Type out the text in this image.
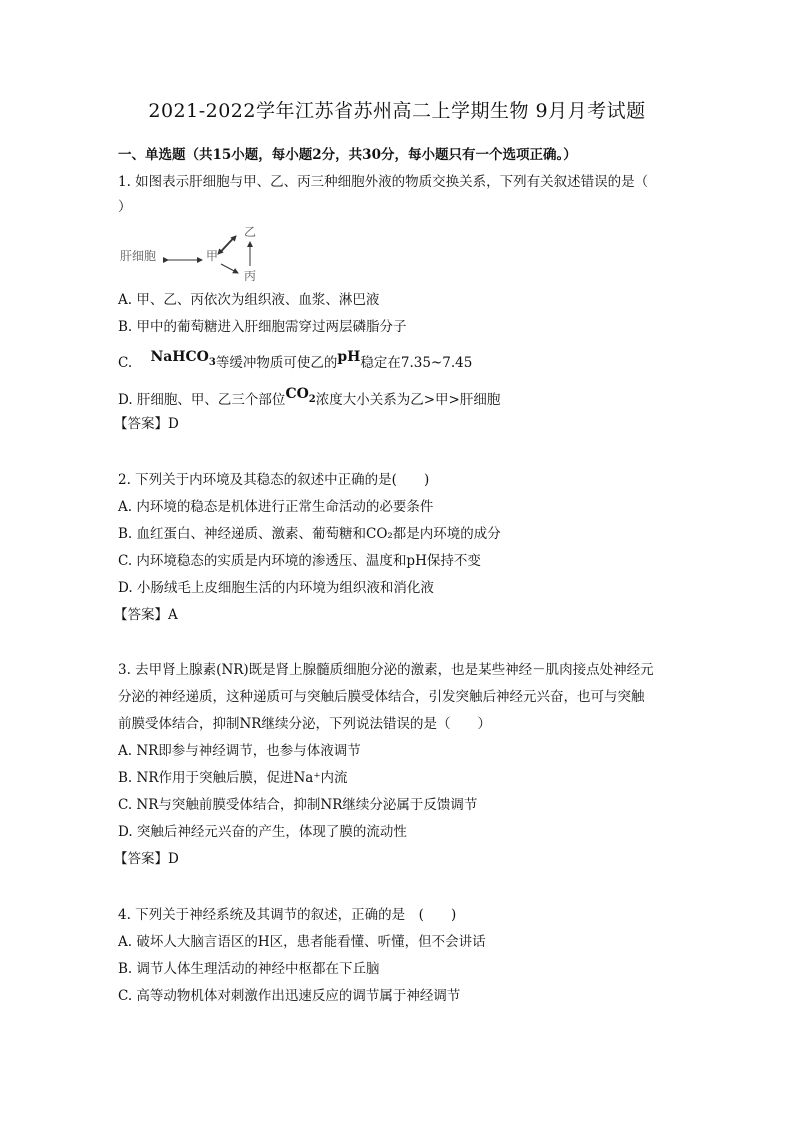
2021-2022学年江苏省苏州高二上学期生物 9月月考试题
一、单选题（共15小题，每小题2分，共30分，每小题只有一个选项正确。）
1. 如图表示肝细胞与甲、乙、丙三种细胞外液的物质交换关系，下列有关叙述错误的是（
）
肝细胞	甲
乙
丙
A. 甲、乙、丙依次为组织液、血浆、淋巴液
B. 甲中的葡萄糖进入肝细胞需穿过两层磷脂分子
C. NaHCO$_3$等缓冲物质可使乙的pH稳定在7.35~7.45
D. 肝细胞、甲、乙三个部位$CO_2$浓度大小关系为乙>甲>肝细胞
【答案】D
2. 下列关于内环境及其稳态的叙述中正确的是(　　)
A. 内环境的稳态是机体进行正常生命活动的必要条件
B. 血红蛋白、神经递质、激素、葡萄糖和CO₂都是内环境的成分
C. 内环境稳态的实质是内环境的渗透压、温度和pH保持不变
D. 小肠绒毛上皮细胞生活的内环境为组织液和消化液
【答案】A
3. 去甲肾上腺素(NR)既是肾上腺髓质细胞分泌的激素，也是某些神经－肌肉接点处神经元
分泌的神经递质，这种递质可与突触后膜受体结合，引发突触后神经元兴奋，也可与突触
前膜受体结合，抑制NR继续分泌，下列说法错误的是（　　）
A. NR即参与神经调节，也参与体液调节
B. NR作用于突触后膜，促进Na⁺内流
C. NR与突触前膜受体结合，抑制NR继续分泌属于反馈调节
D. 突触后神经元兴奋的产生，体现了膜的流动性
【答案】D
4. 下列关于神经系统及其调节的叙述，正确的是　(　　)
A. 破坏人大脑言语区的H区，患者能看懂、听懂，但不会讲话
B. 调节人体生理活动的神经中枢都在下丘脑
C. 高等动物机体对刺激作出迅速反应的调节属于神经调节
